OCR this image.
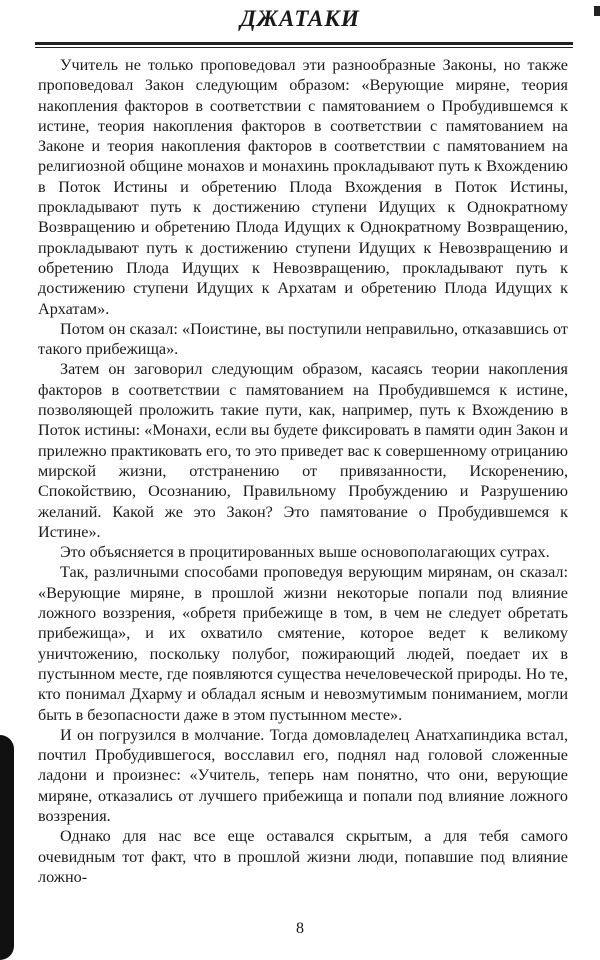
ДЖАТАКИ

Учитель не только проповедовал эти разнообразные Законы, но также проповедовал Закон следующим образом: «Верующие миряне, теория накопления факторов в соответствии с памятованием о Пробудившемся к истине, теория накопления факторов в соответствии с памятованием на Законе и теория накопления факторов в соответствии с памятованием на религиозной общине монахов и монахинь прокладывают путь к Вхождению в Поток Истины и обретению Плода Вхождения в Поток Истины, прокладывают путь к достижению ступени Идущих к Однократному Возвращению и обретению Плода Идущих к Однократному Возвращению, прокладывают путь к достижению ступени Идущих к Невозвращению и обретению Плода Идущих к Невозвращению, прокладывают путь к достижению ступени Идущих к Архатам и обретению Плода Идущих к Архатам».

Потом он сказал: «Поистине, вы поступили неправильно, отказавшись от такого прибежища».

Затем он заговорил следующим образом, касаясь теории накопления факторов в соответствии с памятованием на Пробудившемся к истине, позволяющей проложить такие пути, как, например, путь к Вхождению в Поток истины: «Монахи, если вы будете фиксировать в памяти один Закон и прилежно практиковать его, то это приведет вас к совершенному отрицанию мирской жизни, отстранению от привязанности, Искоренению, Спокойствию, Осознанию, Правильному Пробуждению и Разрушению желаний. Какой же это Закон? Это памятование о Пробудившемся к Истине».

Это объясняется в процитированных выше основополагающих сутрах.

Так, различными способами проповедуя верующим мирянам, он сказал: «Верующие миряне, в прошлой жизни некоторые попали под влияние ложного воззрения, «обретя прибежище в том, в чем не следует обретать прибежища», и их охватило смятение, которое ведет к великому уничтожению, поскольку полубог, пожирающий людей, поедает их в пустынном месте, где появляются существа нечеловеческой природы. Но те, кто понимал Дхарму и обладал ясным и невозмутимым пониманием, могли быть в безопасности даже в этом пустынном месте».

И он погрузился в молчание. Тогда домовладелец Анатхапиндика встал, почтил Пробудившегося, восславил его, поднял над головой сложенные ладони и произнес: «Учитель, теперь нам понятно, что они, верующие миряне, отказались от лучшего прибежища и попали под влияние ложного воззрения.

Однако для нас все еще оставался скрытым, а для тебя самого очевидным тот факт, что в прошлой жизни люди, попавшие под влияние ложно-

8
